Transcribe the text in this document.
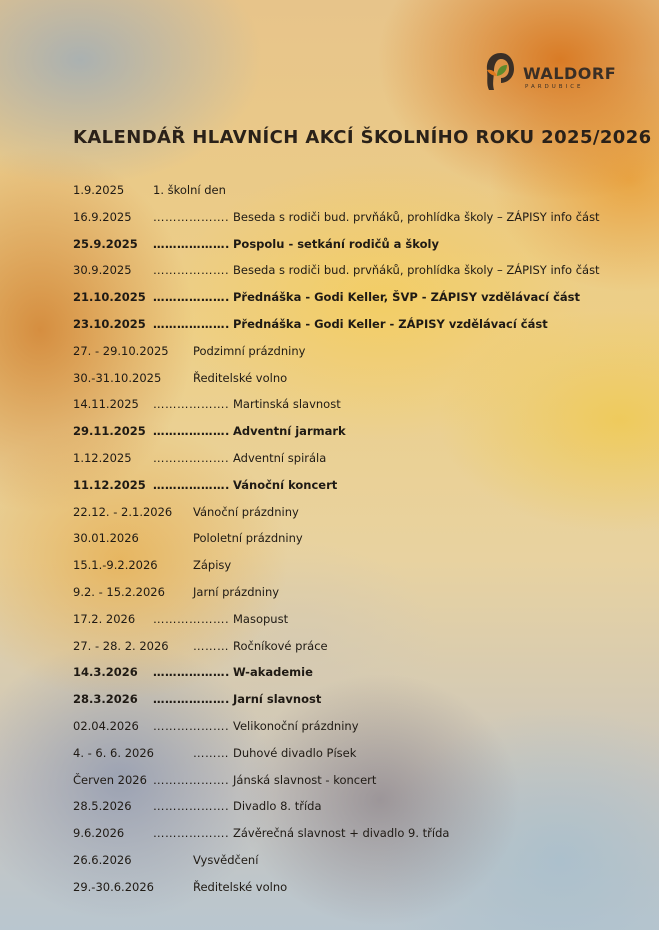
WALDORF
PARDUBICE
KALENDÁŘ HLAVNÍCH AKCÍ ŠKOLNÍHO ROKU 2025/2026
1.9.2025	1. školní den
16.9.2025 ………………. Beseda s rodiči bud. prvňáků, prohlídka školy – ZÁPISY info část
25.9.2025 ………………. Pospolu - setkání rodičů a školy
30.9.2025 ………………. Beseda s rodiči bud. prvňáků, prohlídka školy – ZÁPISY info část
21.10.2025 ………………. Přednáška - Godi Keller, ŠVP - ZÁPISY vzdělávací část
23.10.2025 ………………. Přednáška - Godi Keller - ZÁPISY vzdělávací část
27. - 29.10.2025 Podzimní prázdniny
30.-31.10.2025	Ředitelské volno
14.11.2025 ………………. Martinská slavnost
29.11.2025 ………………. Adventní jarmark
1.12.2025 ………………. Adventní spirála
11.12.2025 ………………. Vánoční koncert
22.12. - 2.1.2026 Vánoční prázdniny
30.01.2026	Pololetní prázdniny
15.1.-9.2.2026	Zápisy
9.2. - 15.2.2026 Jarní prázdniny
17.2. 2026 ………………. Masopust
27. - 28. 2. 2026 ……… Ročníkové práce
14.3.2026 ………………. W-akademie
28.3.2026 ………………. Jarní slavnost
02.04.2026 ………………. Velikonoční prázdniny
4. - 6. 6. 2026	……… Duhové divadlo Písek
Červen 2026 ………………. Jánská slavnost - koncert
28.5.2026 ………………. Divadlo 8. třída
9.6.2026	………………. Závěrečná slavnost + divadlo 9. třída
26.6.2026	Vysvědčení
29.-30.6.2026	Ředitelské volno
